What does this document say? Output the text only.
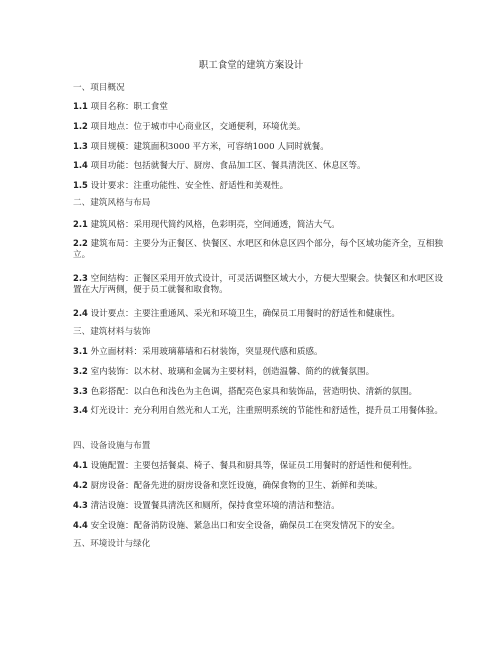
职工食堂的建筑方案设计
一、项目概况
1.1 项目名称：职工食堂
1.2 项目地点：位于城市中心商业区，交通便利，环境优美。
1.3 项目规模：建筑面积3000 平方米，可容纳1000 人同时就餐。
1.4 项目功能：包括就餐大厅、厨房、食品加工区、餐具清洗区、休息区等。
1.5 设计要求：注重功能性、安全性、舒适性和美观性。
二、建筑风格与布局
2.1 建筑风格：采用现代简约风格，色彩明亮，空间通透，简洁大气。
2.2 建筑布局：主要分为正餐区、快餐区、水吧区和休息区四个部分，每个区域功能齐全，互相独立。
2.3 空间结构：正餐区采用开放式设计，可灵活调整区域大小，方便大型聚会。快餐区和水吧区设置在大厅两侧，便于员工就餐和取食物。
2.4 设计要点：主要注重通风、采光和环境卫生，确保员工用餐时的舒适性和健康性。
三、建筑材料与装饰
3.1 外立面材料：采用玻璃幕墙和石材装饰，突显现代感和质感。
3.2 室内装饰：以木材、玻璃和金属为主要材料，创造温馨、简约的就餐氛围。
3.3 色彩搭配：以白色和浅色为主色调，搭配亮色家具和装饰品，营造明快、清新的氛围。
3.4 灯光设计：充分利用自然光和人工光，注重照明系统的节能性和舒适性，提升员工用餐体验。
四、设备设施与布置
4.1 设施配置：主要包括餐桌、椅子、餐具和厨具等，保证员工用餐时的舒适性和便利性。
4.2 厨房设备：配备先进的厨房设备和烹饪设施，确保食物的卫生、新鲜和美味。
4.3 清洁设施：设置餐具清洗区和厕所，保持食堂环境的清洁和整洁。
4.4 安全设施：配备消防设施、紧急出口和安全设备，确保员工在突发情况下的安全。
五、环境设计与绿化
